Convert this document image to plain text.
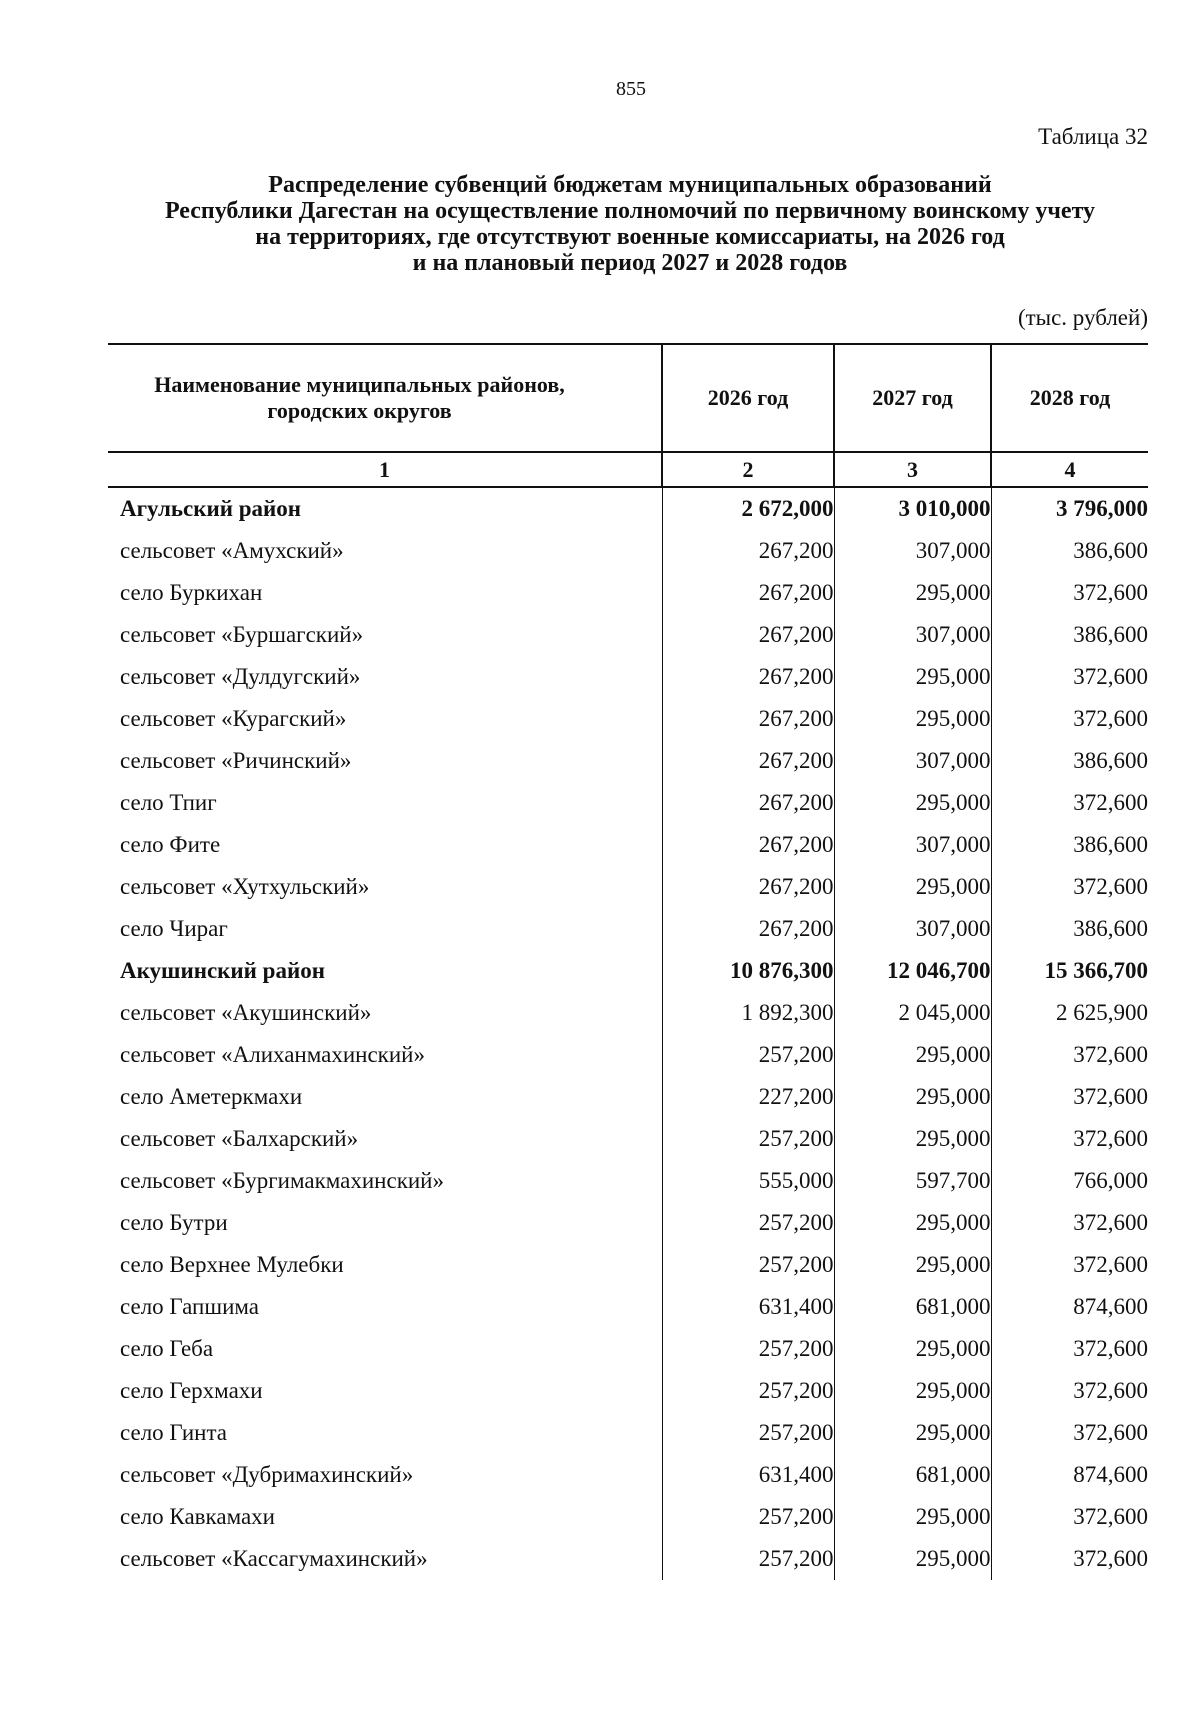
855
Таблица 32
Распределение субвенций бюджетам муниципальных образований
Республики Дагестан на осуществление полномочий по первичному воинскому учету
на территориях, где отсутствуют военные комиссариаты, на 2026 год
и на плановый период 2027 и 2028 годов
(тыс. рублей)
Наименование муниципальных районов,
городских округов	2026 год	2027 год	2028 год
1	2	3	4
Агульский район	2 672,000	3 010,000	3 796,000
сельсовет «Амухский»	267,200	307,000	386,600
село Буркихан	267,200	295,000	372,600
сельсовет «Буршагский»	267,200	307,000	386,600
сельсовет «Дулдугский»	267,200	295,000	372,600
сельсовет «Курагский»	267,200	295,000	372,600
сельсовет «Ричинский»	267,200	307,000	386,600
село Тпиг	267,200	295,000	372,600
село Фите	267,200	307,000	386,600
сельсовет «Хутхульский»	267,200	295,000	372,600
село Чираг	267,200	307,000	386,600
Акушинский район	10 876,300	12 046,700	15 366,700
сельсовет «Акушинский»	1 892,300	2 045,000	2 625,900
сельсовет «Алиханмахинский»	257,200	295,000	372,600
село Аметеркмахи	227,200	295,000	372,600
сельсовет «Балхарский»	257,200	295,000	372,600
сельсовет «Бургимакмахинский»	555,000	597,700	766,000
село Бутри	257,200	295,000	372,600
село Верхнее Мулебки	257,200	295,000	372,600
село Гапшима	631,400	681,000	874,600
село Геба	257,200	295,000	372,600
село Герхмахи	257,200	295,000	372,600
село Гинта	257,200	295,000	372,600
сельсовет «Дубримахинский»	631,400	681,000	874,600
село Кавкамахи	257,200	295,000	372,600
сельсовет «Кассагумахинский»	257,200	295,000	372,600
